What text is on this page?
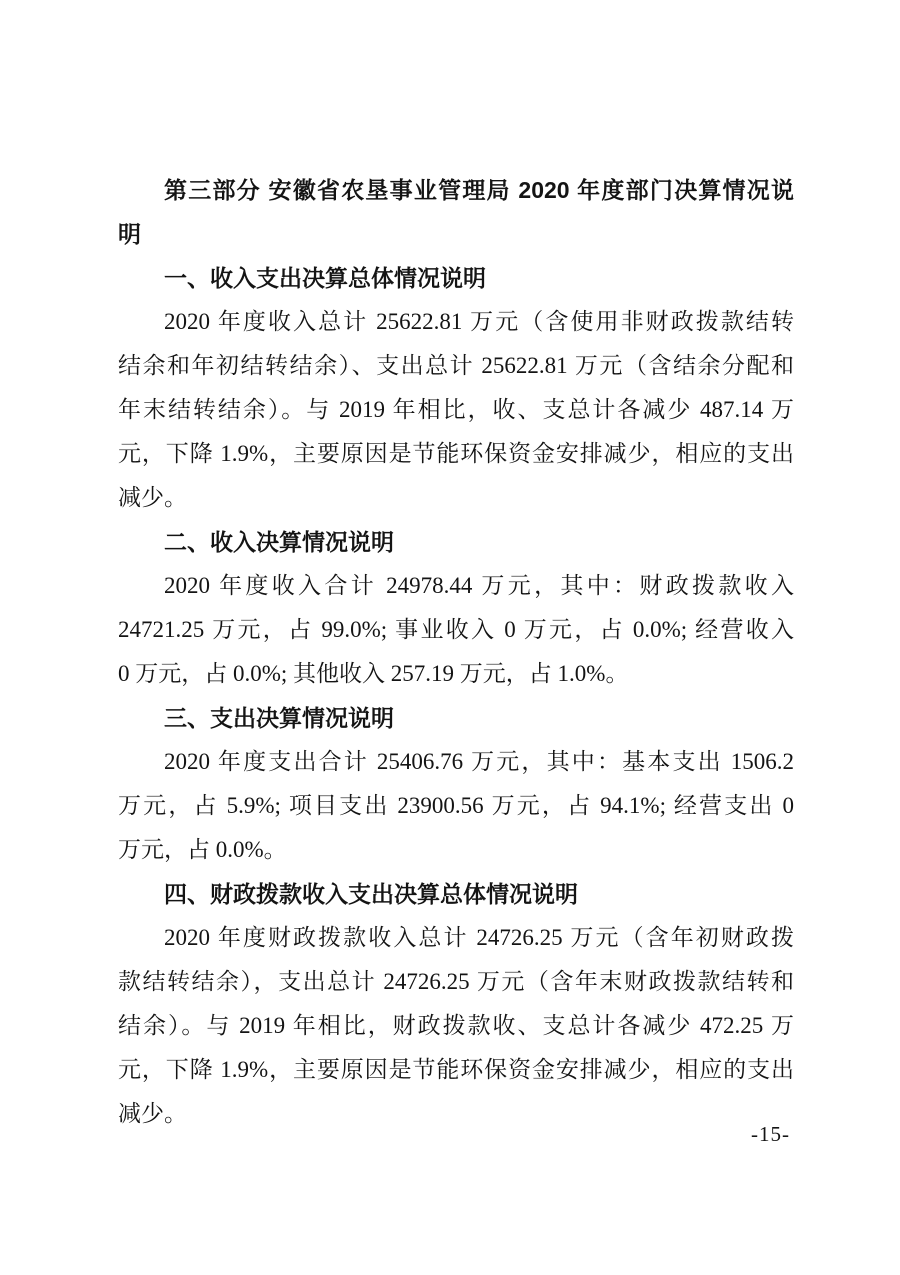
第三部分 安徽省农垦事业管理局 2020 年度部门决算情况说
明
一、收入支出决算总体情况说明
2020 年度收入总计 25622.81 万元（含使用非财政拨款结转
结余和年初结转结余）、支出总计 25622.81 万元（含结余分配和
年末结转结余）。与 2019 年相比，收、支总计各减少 487.14 万
元，下降 1.9%，主要原因是节能环保资金安排减少，相应的支出
减少。
二、收入决算情况说明
2020 年度收入合计 24978.44 万元，其中：财政拨款收入
24721.25 万元，占 99.0%; 事业收入 0 万元，占 0.0%; 经营收入
0 万元，占 0.0%; 其他收入 257.19 万元，占 1.0%。
三、支出决算情况说明
2020 年度支出合计 25406.76 万元，其中：基本支出 1506.2
万元，占 5.9%; 项目支出 23900.56 万元，占 94.1%; 经营支出 0
万元，占 0.0%。
四、财政拨款收入支出决算总体情况说明
2020 年度财政拨款收入总计 24726.25 万元（含年初财政拨
款结转结余），支出总计 24726.25 万元（含年末财政拨款结转和
结余）。与 2019 年相比，财政拨款收、支总计各减少 472.25 万
元，下降 1.9%，主要原因是节能环保资金安排减少，相应的支出
减少。
-15-
